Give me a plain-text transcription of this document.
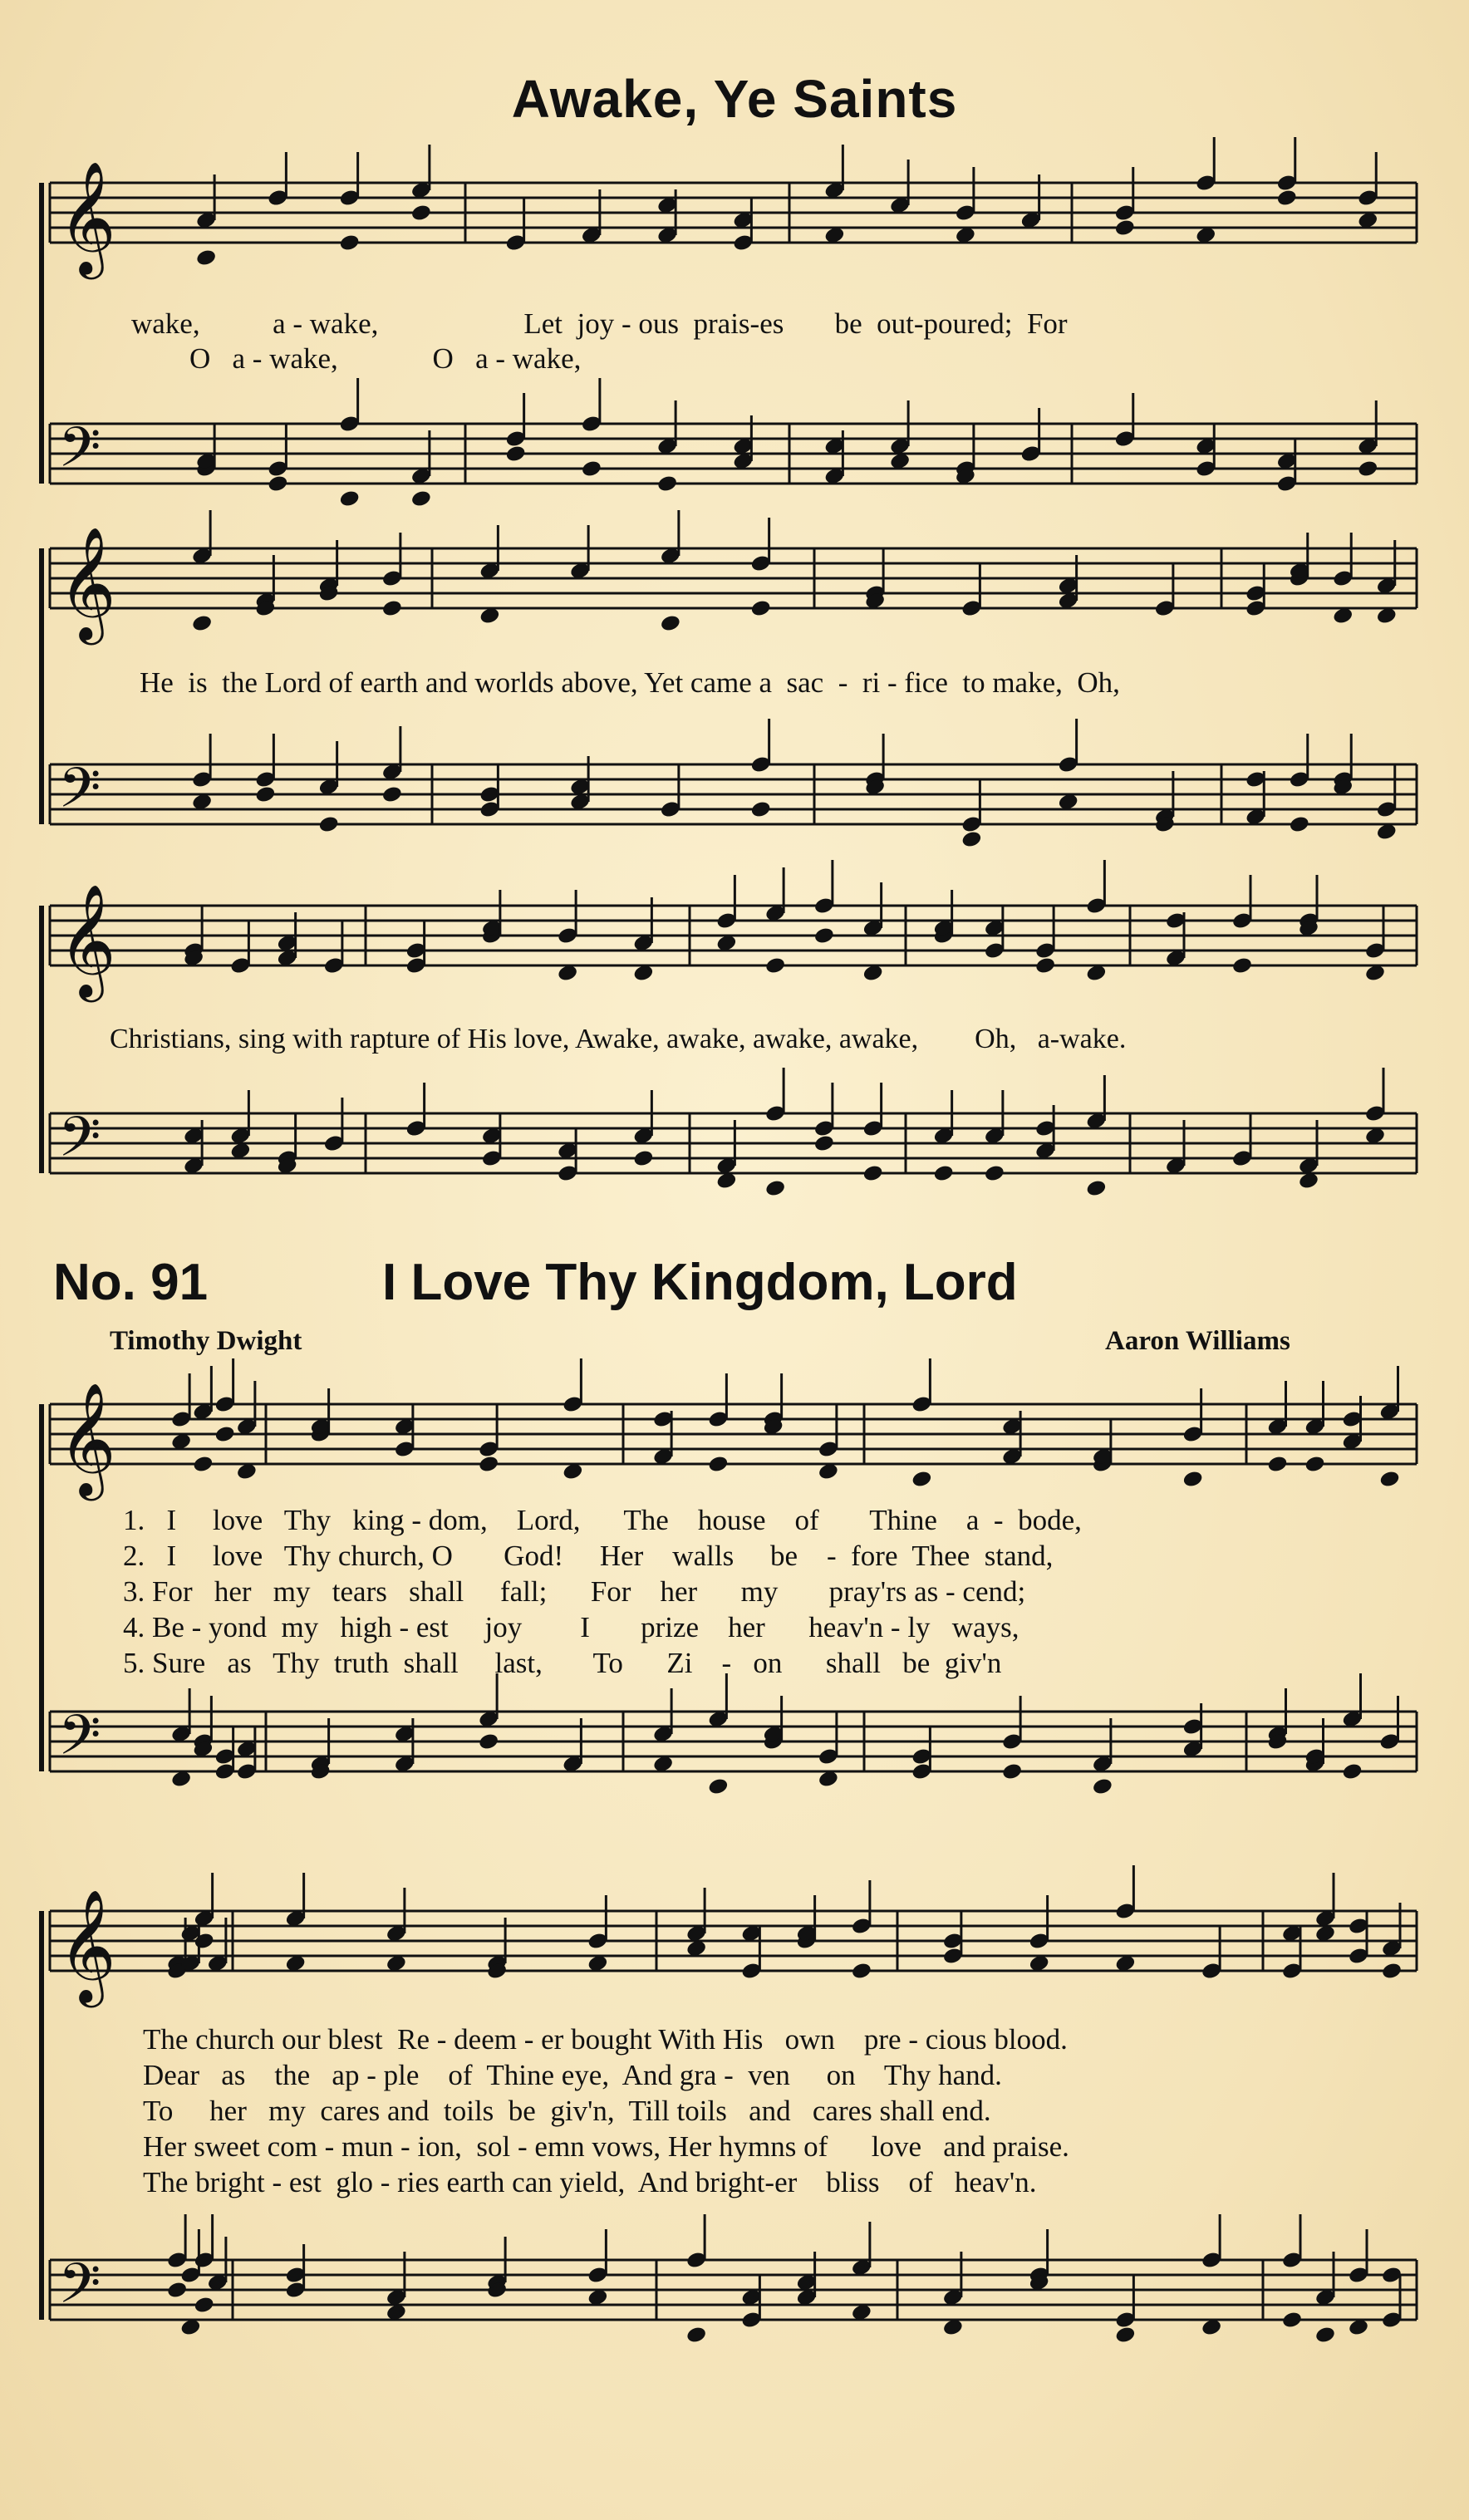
𝄞
𝄢
𝄞
𝄢
𝄞
𝄢
𝄞
𝄢
𝄞
𝄢
Awake, Ye Saints
wake,          a - wake,                    Let  joy - ous  prais-es       be  out-poured;  For
O   a - wake,             O   a - wake,
He  is  the Lord of earth and worlds above, Yet came a  sac  -  ri - fice  to make,  Oh,
Christians, sing with rapture of His love, Awake, awake, awake, awake,        Oh,   a-wake.
No. 91	I Love Thy Kingdom, Lord
Timothy Dwight	Aaron Williams
1.   I     love   Thy   king - dom,    Lord,      The    house    of       Thine    a  -  bode,
2.   I     love   Thy church, O       God!     Her    walls     be    -  fore  Thee  stand,
3. For   her   my   tears   shall     fall;      For    her      my       pray'rs as - cend;
4. Be - yond  my   high - est     joy        I       prize    her      heav'n - ly   ways,
5. Sure   as   Thy  truth  shall     last,       To      Zi    -   on      shall   be  giv'n
The church our blest  Re - deem - er bought With His   own    pre - cious blood.
Dear   as    the   ap - ple    of  Thine eye,  And gra -  ven     on    Thy hand.
To     her   my  cares and  toils  be  giv'n,  Till toils   and   cares shall end.
Her sweet com - mun - ion,  sol - emn vows, Her hymns of      love   and praise.
The bright - est  glo - ries earth can yield,  And bright-er    bliss    of   heav'n.
